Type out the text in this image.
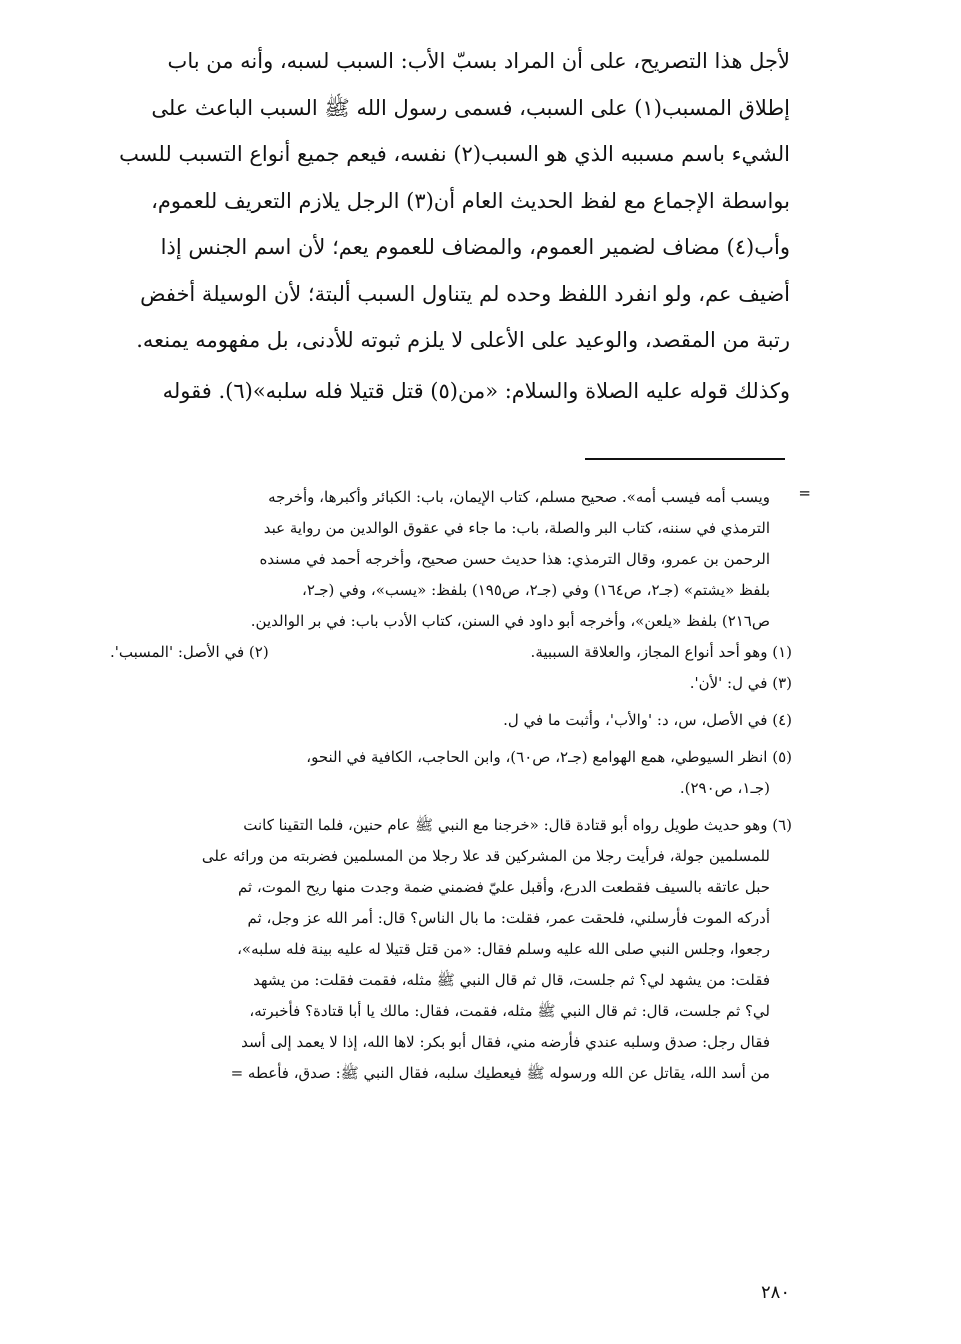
لأجل هذا التصريح، على أن المراد بسبّ الأب: السبب لسبه، وأنه من باب
إطلاق المسبب(١) على السبب، فسمى رسول الله ﷺ السبب الباعث على
الشيء باسم مسببه الذي هو السبب(٢) نفسه، فيعم جميع أنواع التسبب للسب
بواسطة الإجماع مع لفظ الحديث العام أن(٣) الرجل يلازم التعريف للعموم،
وأب(٤) مضاف لضمير العموم، والمضاف للعموم يعم؛ لأن اسم الجنس إذا
أضيف عم، ولو انفرد اللفظ وحده لم يتناول السبب ألبتة؛ لأن الوسيلة أخفض
رتبة من المقصد، والوعيد على الأعلى لا يلزم ثبوته للأدنى، بل مفهومه يمنعه.
وكذلك قوله عليه الصلاة والسلام: «من(٥) قتل قتيلا فله سلبه»(٦). فقوله
=
ويسب أمه فيسب أمه». صحيح مسلم، كتاب الإيمان، باب: الكبائر وأكبرها، وأخرجه
الترمذي في سننه، كتاب البر والصلة، باب: ما جاء في عقوق الوالدين من رواية عبد
الرحمن بن عمرو، وقال الترمذي: هذا حديث حسن صحيح، وأخرجه أحمد في مسنده
بلفظ «يشتم» (جـ٢، ص١٦٤) وفي (جـ٢، ص١٩٥) بلفظ: «يسب»، وفي (جـ٢،
ص٢١٦) بلفظ «يلعن»، وأخرجه أبو داود في السنن، كتاب الأدب باب: في بر الوالدين.
(١) وهو أحد أنواع المجاز، والعلاقة السببية.
(٢) في الأصل: 'المسبب'.
(٣) في ل: 'لأن'.
(٤) في الأصل، س، د: 'والأب'، وأثبت ما في ل.
(٥) انظر السيوطي، همع الهوامع (جـ٢، ص٦٠)، وابن الحاجب، الكافية في النحو،
(جـ١، ص٢٩٠).
(٦) وهو حديث طويل رواه أبو قتادة قال: «خرجنا مع النبي ﷺ عام حنين، فلما التقينا كانت
للمسلمين جولة، فرأيت رجلا من المشركين قد علا رجلا من المسلمين فضربته من ورائه على
حبل عاتقه بالسيف فقطعت الدرع، وأقبل عليّ فضمني ضمة وجدت منها ريح الموت، ثم
أدركه الموت فأرسلني، فلحقت عمر، فقلت: ما بال الناس؟ قال: أمر الله عز وجل، ثم
رجعوا، وجلس النبي صلى الله عليه وسلم فقال: «من قتل قتيلا له عليه بينة فله سلبه»،
فقلت: من يشهد لي؟ ثم جلست، قال ثم قال النبي ﷺ مثله، فقمت فقلت: من يشهد
لي؟ ثم جلست، قال: ثم قال النبي ﷺ مثله، فقمت، فقال: مالك يا أبا قتادة؟ فأخبرته،
فقال رجل: صدق وسلبه عندي فأرضه مني، فقال أبو بكر: لاها الله، إذا لا يعمد إلى أسد
من أسد الله، يقاتل عن الله ورسوله ﷺ فيعطيك سلبه، فقال النبي ﷺ: صدق، فأعطه =
٢٨٠
